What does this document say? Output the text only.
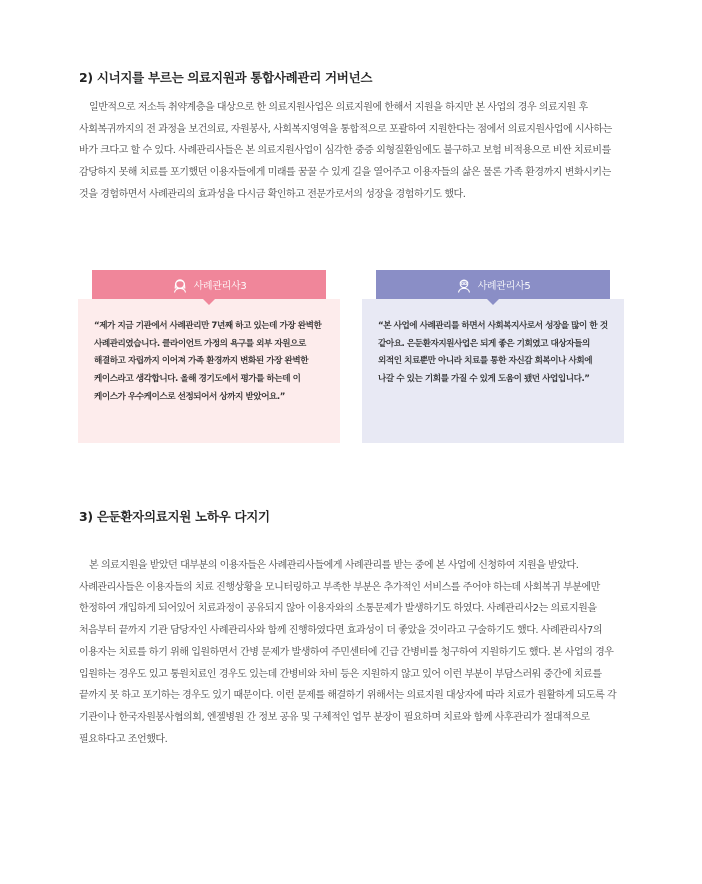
2) 시너지를 부르는 의료지원과 통합사례관리 거버넌스

일반적으로 저소득 취약계층을 대상으로 한 의료지원사업은 의료지원에 한해서 지원을 하지만 본 사업의 경우 의료지원 후 사회복귀까지의 전 과정을 보건의료, 자원봉사, 사회복지영역을 통합적으로 포괄하여 지원한다는 점에서 의료지원사업에 시사하는 바가 크다고 할 수 있다. 사례관리사들은 본 의료지원사업이 심각한 중증 외형질환임에도 불구하고 보험 비적용으로 비싼 치료비를 감당하지 못해 치료를 포기했던 이용자들에게 미래를 꿈꿀 수 있게 길을 열어주고 이용자들의 삶은 물론 가족 환경까지 변화시키는 것을 경험하면서 사례관리의 효과성을 다시금 확인하고 전문가로서의 성장을 경험하기도 했다.

사례관리사3
“제가 지금 기관에서 사례관리만 7년째 하고 있는데 가장 완벽한 사례관리였습니다. 클라이언트 가정의 욕구를 외부 자원으로 해결하고 자립까지 이어져 가족 환경까지 변화된 가장 완벽한 케이스라고 생각합니다. 올해 경기도에서 평가를 하는데 이 케이스가 우수케이스로 선정되어서 상까지 받았어요.”
사례관리사5
“본 사업에 사례관리를 하면서 사회복지사로서 성장을 많이 한 것 같아요. 은둔환자지원사업은 되게 좋은 기회였고 대상자들의 외적인 치료뿐만 아니라 치료를 통한 자신감 회복이나 사회에 나갈 수 있는 기회를 가질 수 있게 도움이 됐던 사업입니다.”
3) 은둔환자의료지원 노하우 다지기

본 의료지원을 받았던 대부분의 이용자들은 사례관리사들에게 사례관리를 받는 중에 본 사업에 신청하여 지원을 받았다. 사례관리사들은 이용자들의 치료 진행상황을 모니터링하고 부족한 부분은 추가적인 서비스를 주어야 하는데 사회복귀 부분에만 한정하여 개입하게 되어있어 치료과정이 공유되지 않아 이용자와의 소통문제가 발생하기도 하였다. 사례관리사2는 의료지원을 처음부터 끝까지 기관 담당자인 사례관리사와 함께 진행하였다면 효과성이 더 좋았을 것이라고 구술하기도 했다. 사례관리사7의 이용자는 치료를 하기 위해 입원하면서 간병 문제가 발생하여 주민센터에 긴급 간병비를 청구하여 지원하기도 했다. 본 사업의 경우 입원하는 경우도 있고 통원치료인 경우도 있는데 간병비와 차비 등은 지원하지 않고 있어 이런 부분이 부담스러워 중간에 치료를 끝까지 못 하고 포기하는 경우도 있기 때문이다. 이런 문제를 해결하기 위해서는 의료지원 대상자에 따라 치료가 원활하게 되도록 각 기관이나 한국자원봉사협의회, 엔젤병원 간 정보 공유 및 구체적인 업무 분장이 필요하며 치료와 함께 사후관리가 절대적으로 필요하다고 조언했다.
